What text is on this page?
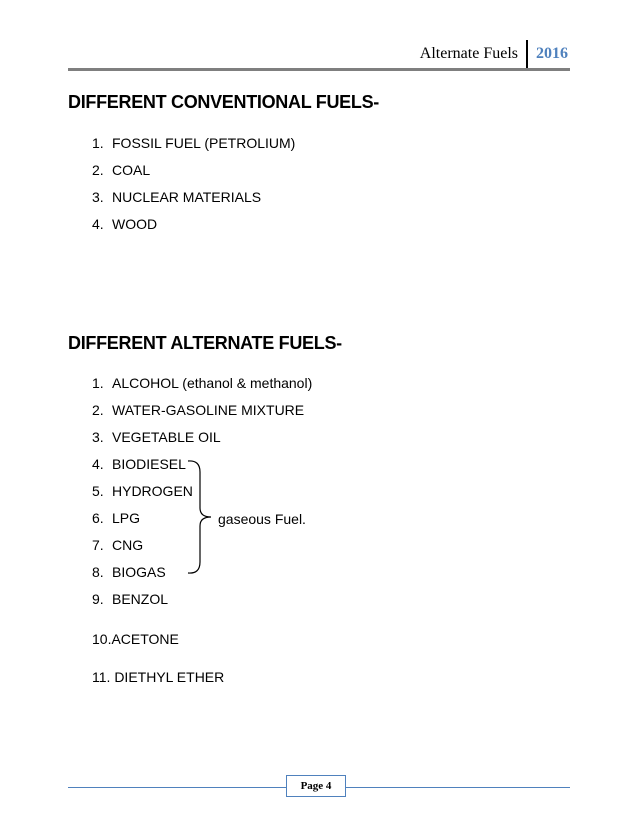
Alternate Fuels	2016
DIFFERENT CONVENTIONAL FUELS-
1. FOSSIL FUEL (PETROLIUM)
2. COAL
3. NUCLEAR MATERIALS
4. WOOD
DIFFERENT ALTERNATE FUELS-
1. ALCOHOL (ethanol & methanol)
2. WATER-GASOLINE MIXTURE
3. VEGETABLE OIL
4. BIODIESEL
5. HYDROGEN
6. LPG
7. CNG
8. BIOGAS
9. BENZOL
gaseous Fuel.
10.ACETONE
11. DIETHYL ETHER
Page 4
